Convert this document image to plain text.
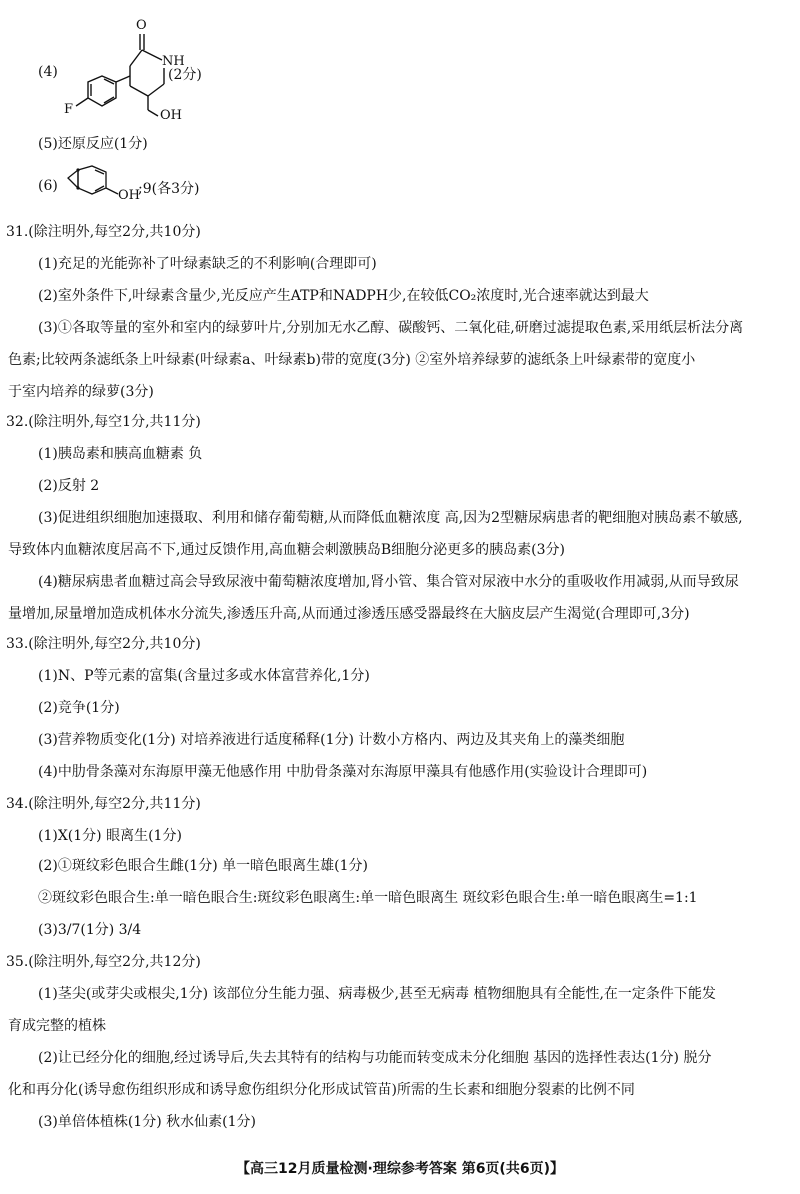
(4)
O
NH
F	OH
(2分)
(5)还原反应(1分)
(6)
OH
;9(各3分)
31.(除注明外,每空2分,共10分)
(1)充足的光能弥补了叶绿素缺乏的不利影响(合理即可)
(2)室外条件下,叶绿素含量少,光反应产生ATP和NADPH少,在较低CO₂浓度时,光合速率就达到最大
(3)①各取等量的室外和室内的绿萝叶片,分别加无水乙醇、碳酸钙、二氧化硅,研磨过滤提取色素,采用纸层析法分离
色素;比较两条滤纸条上叶绿素(叶绿素a、叶绿素b)带的宽度(3分) ②室外培养绿萝的滤纸条上叶绿素带的宽度小
于室内培养的绿萝(3分)
32.(除注明外,每空1分,共11分)
(1)胰岛素和胰高血糖素 负
(2)反射 2
(3)促进组织细胞加速摄取、利用和储存葡萄糖,从而降低血糖浓度 高,因为2型糖尿病患者的靶细胞对胰岛素不敏感,
导致体内血糖浓度居高不下,通过反馈作用,高血糖会刺激胰岛B细胞分泌更多的胰岛素(3分)
(4)糖尿病患者血糖过高会导致尿液中葡萄糖浓度增加,肾小管、集合管对尿液中水分的重吸收作用减弱,从而导致尿
量增加,尿量增加造成机体水分流失,渗透压升高,从而通过渗透压感受器最终在大脑皮层产生渴觉(合理即可,3分)
33.(除注明外,每空2分,共10分)
(1)N、P等元素的富集(含量过多或水体富营养化,1分)
(2)竞争(1分)
(3)营养物质变化(1分) 对培养液进行适度稀释(1分) 计数小方格内、两边及其夹角上的藻类细胞
(4)中肋骨条藻对东海原甲藻无他感作用 中肋骨条藻对东海原甲藻具有他感作用(实验设计合理即可)
34.(除注明外,每空2分,共11分)
(1)X(1分) 眼离生(1分)
(2)①斑纹彩色眼合生雌(1分) 单一暗色眼离生雄(1分)
②斑纹彩色眼合生:单一暗色眼合生:斑纹彩色眼离生:单一暗色眼离生 斑纹彩色眼合生:单一暗色眼离生=1:1
(3)3/7(1分) 3/4
35.(除注明外,每空2分,共12分)
(1)茎尖(或芽尖或根尖,1分) 该部位分生能力强、病毒极少,甚至无病毒 植物细胞具有全能性,在一定条件下能发
育成完整的植株
(2)让已经分化的细胞,经过诱导后,失去其特有的结构与功能而转变成未分化细胞 基因的选择性表达(1分) 脱分
化和再分化(诱导愈伤组织形成和诱导愈伤组织分化形成试管苗)所需的生长素和细胞分裂素的比例不同
(3)单倍体植株(1分) 秋水仙素(1分)
【高三12月质量检测·理综参考答案 第6页(共6页)】
